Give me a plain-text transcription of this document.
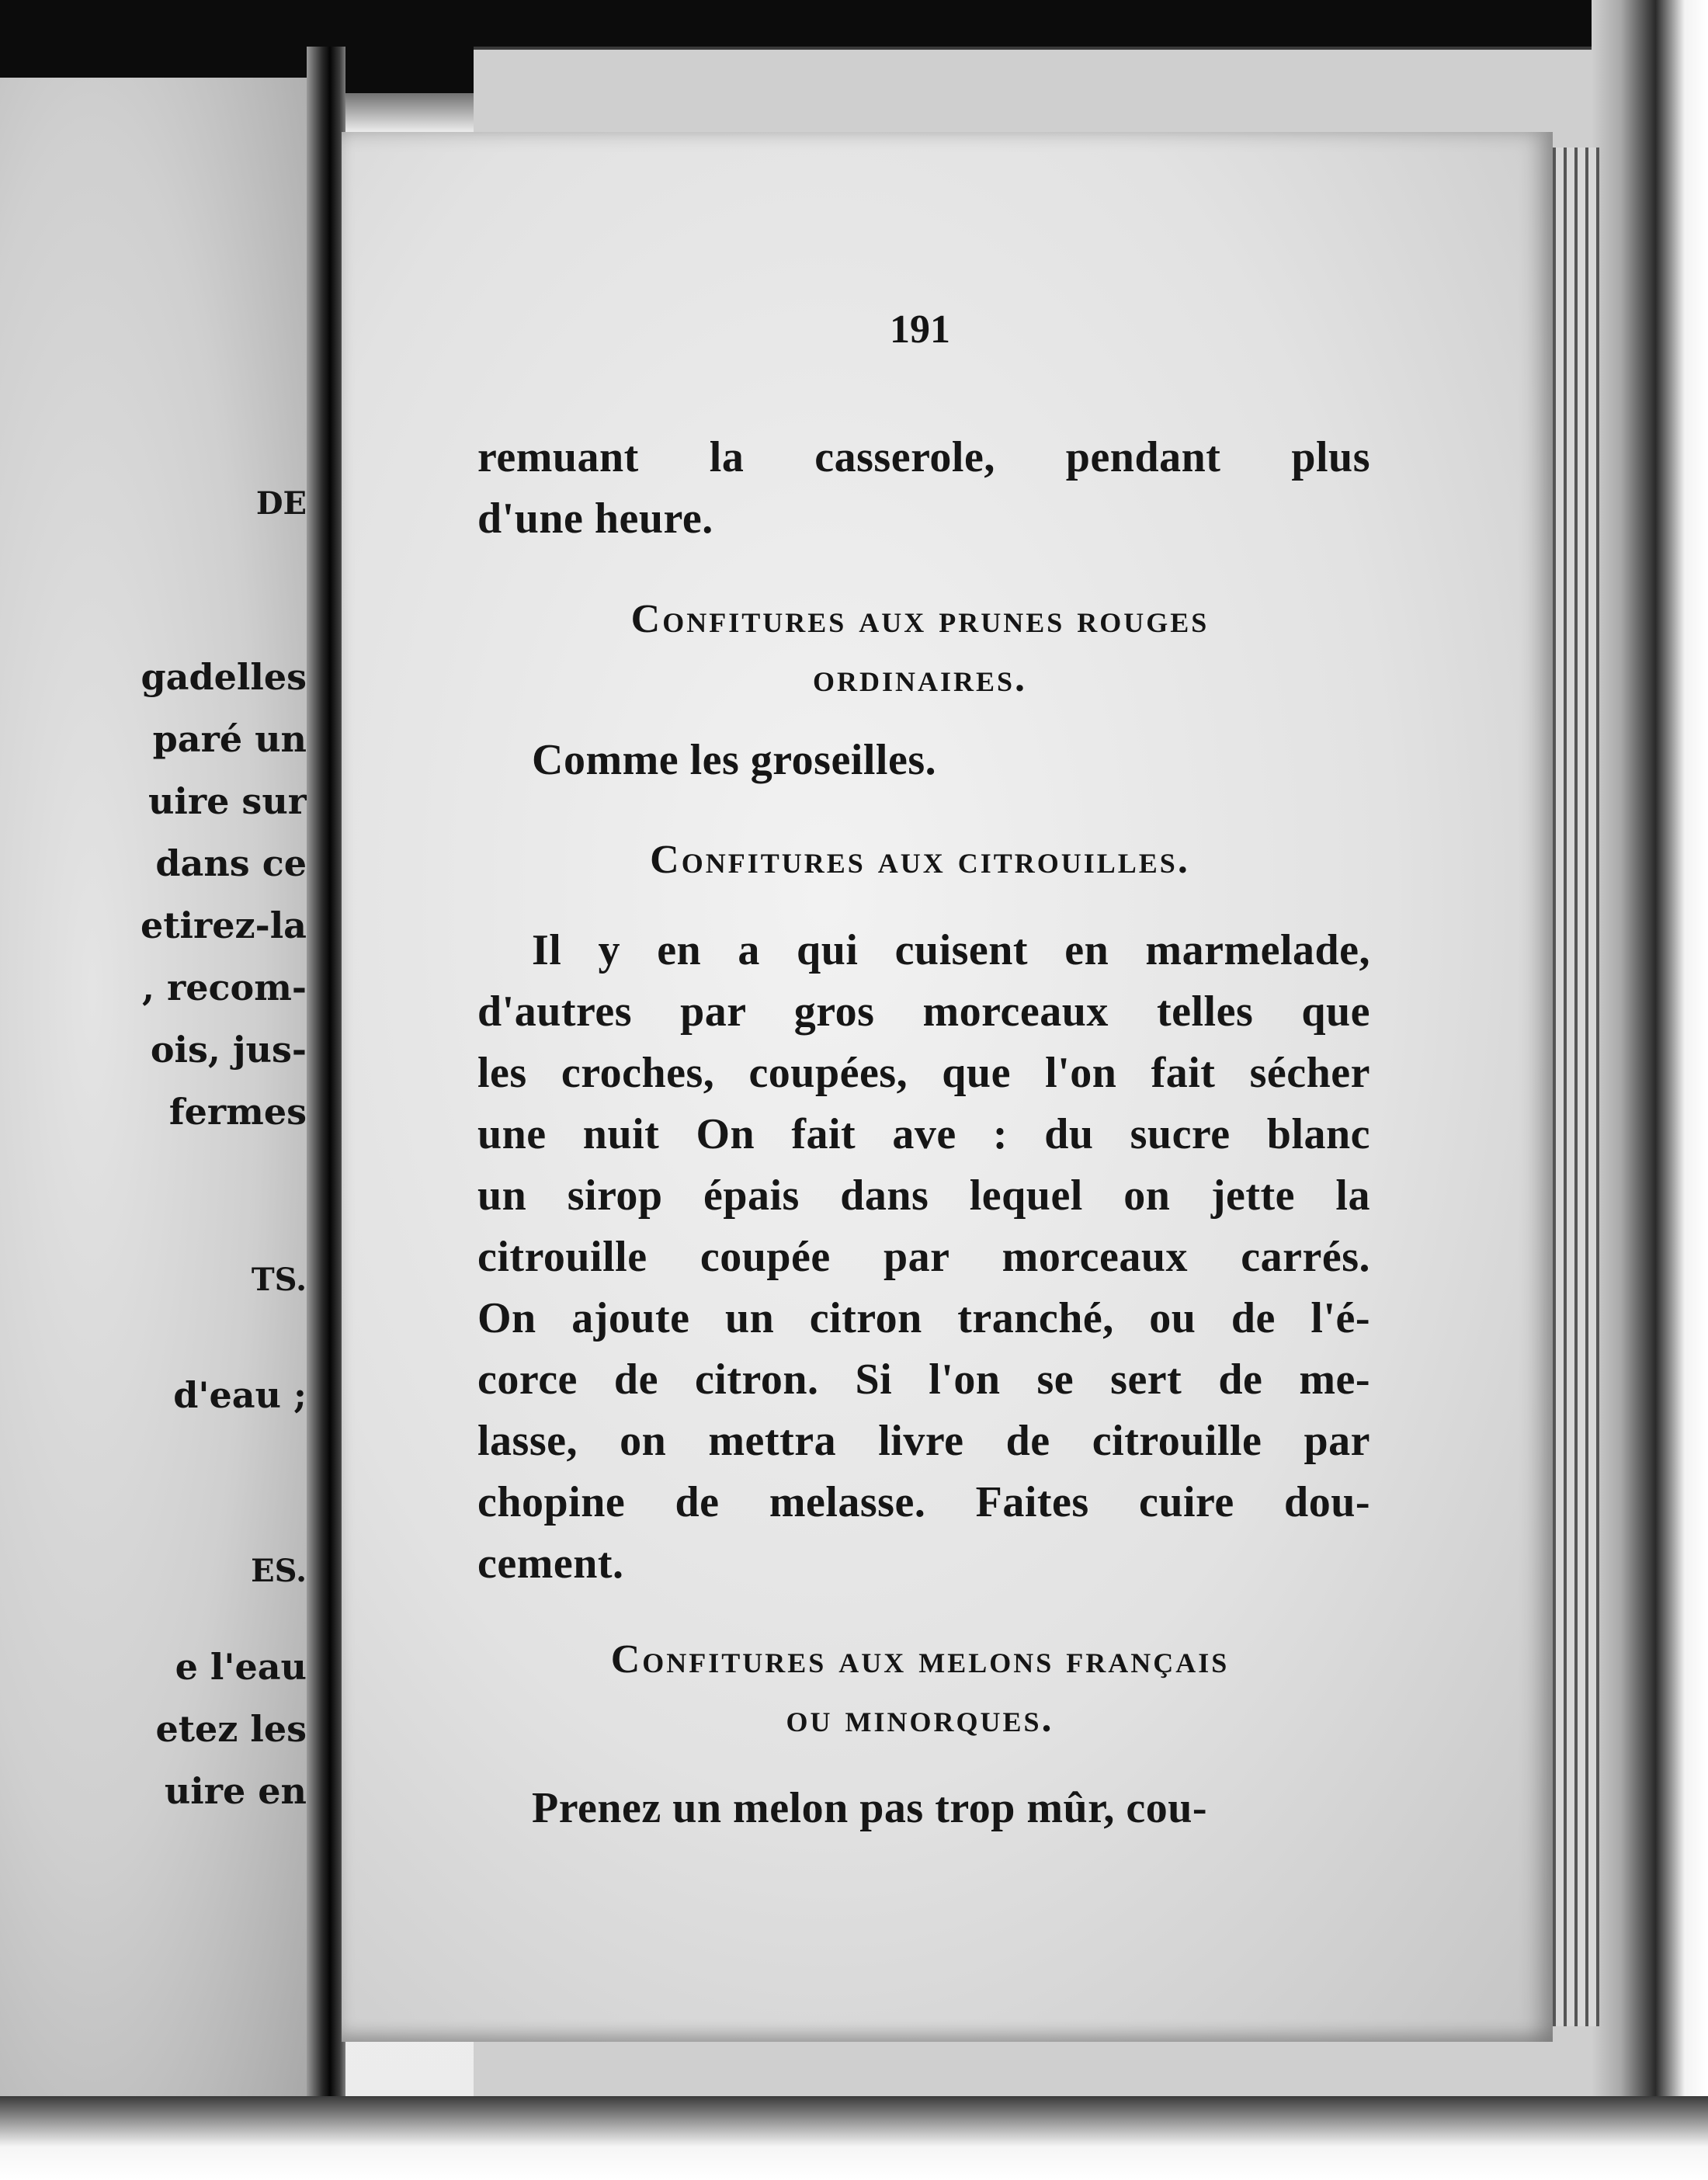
DE
gadelles
paré un
uire sur
dans ce
etirez-la
, recom-
ois, jus-
fermes
TS.
d'eau ;
ES.
e l'eau
etez les
uire en
191
remuant la casserole, pendant plus
d'une heure.
Confitures aux prunes rouges
ordinaires.
Comme les groseilles.
Confitures aux citrouilles.
Il y en a qui cuisent en marmelade,
d'autres par gros morceaux telles que
les croches, coupées, que l'on fait sécher
une nuit On fait ave : du sucre blanc
un sirop épais dans lequel on jette la
citrouille coupée par morceaux carrés.
On ajoute un citron tranché, ou de l'é-
corce de citron. Si l'on se sert de me-
lasse, on mettra livre de citrouille par
chopine de melasse. Faites cuire dou-
cement.
Confitures aux melons français
ou minorques.
Prenez un melon pas trop mûr, cou-
